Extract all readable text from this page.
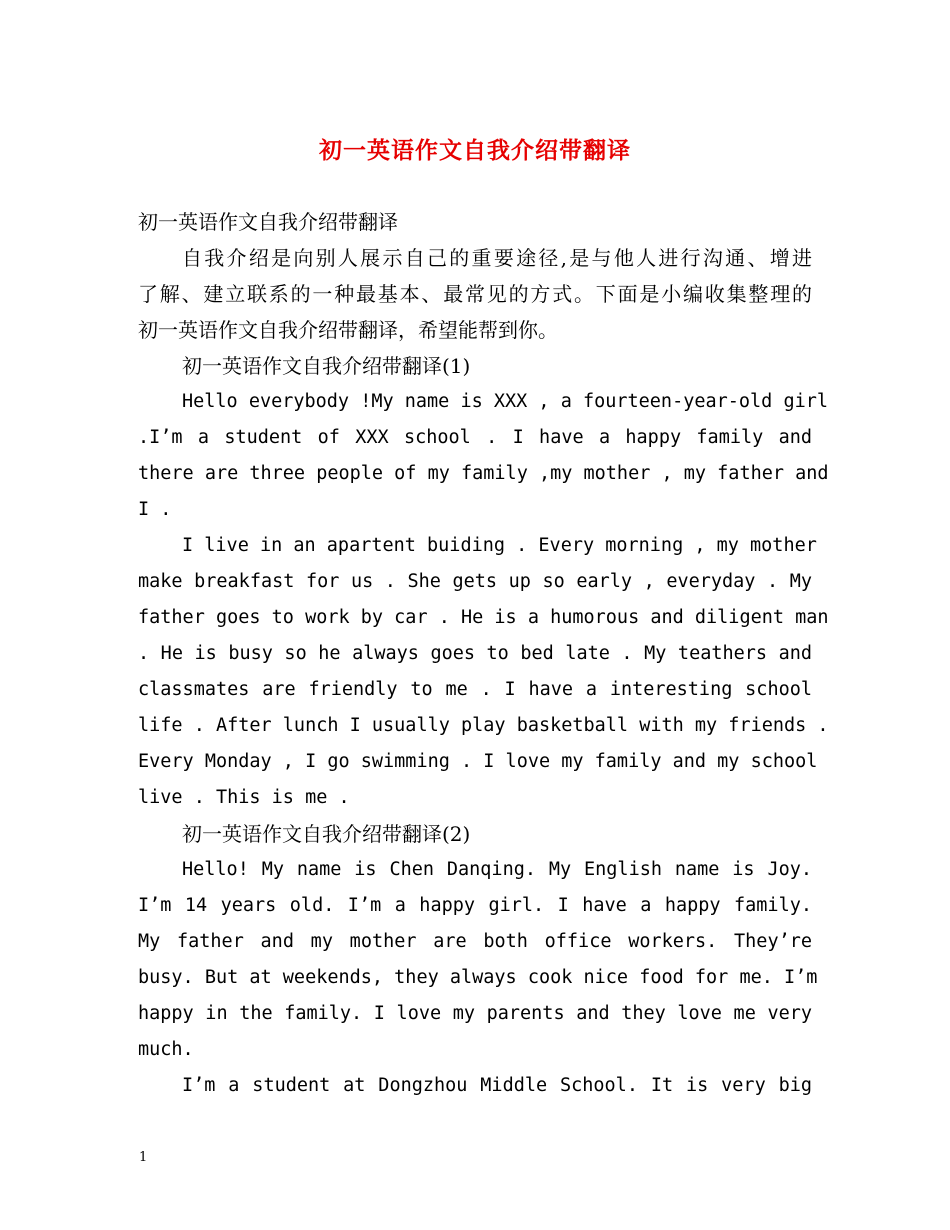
初一英语作文自我介绍带翻译
初一英语作文自我介绍带翻译
自我介绍是向别人展示自己的重要途径,是与他人进行沟通、增进
了解、建立联系的一种最基本、最常见的方式。下面是小编收集整理的
初一英语作文自我介绍带翻译，希望能帮到你。
初一英语作文自我介绍带翻译(1)
Hello everybody !My name is XXX , a fourteen-year-old girl
.I’m a student of XXX school . I have a happy family and
there are three people of my family ,my mother , my father and
I .
I live in an apartent buiding . Every morning , my mother
make breakfast for us . She gets up so early , everyday . My
father goes to work by car . He is a humorous and diligent man
. He is busy so he always goes to bed late . My teathers and
classmates are friendly to me . I have a interesting school
life . After lunch I usually play basketball with my friends .
Every Monday , I go swimming . I love my family and my school
live . This is me .
初一英语作文自我介绍带翻译(2)
Hello! My name is Chen Danqing. My English name is Joy.
I’m 14 years old. I’m a happy girl. I have a happy family.
My father and my mother are both office workers. They’re
busy. But at weekends, they always cook nice food for me. I’m
happy in the family. I love my parents and they love me very
much.
I’m a student at Dongzhou Middle School. It is very big
1
